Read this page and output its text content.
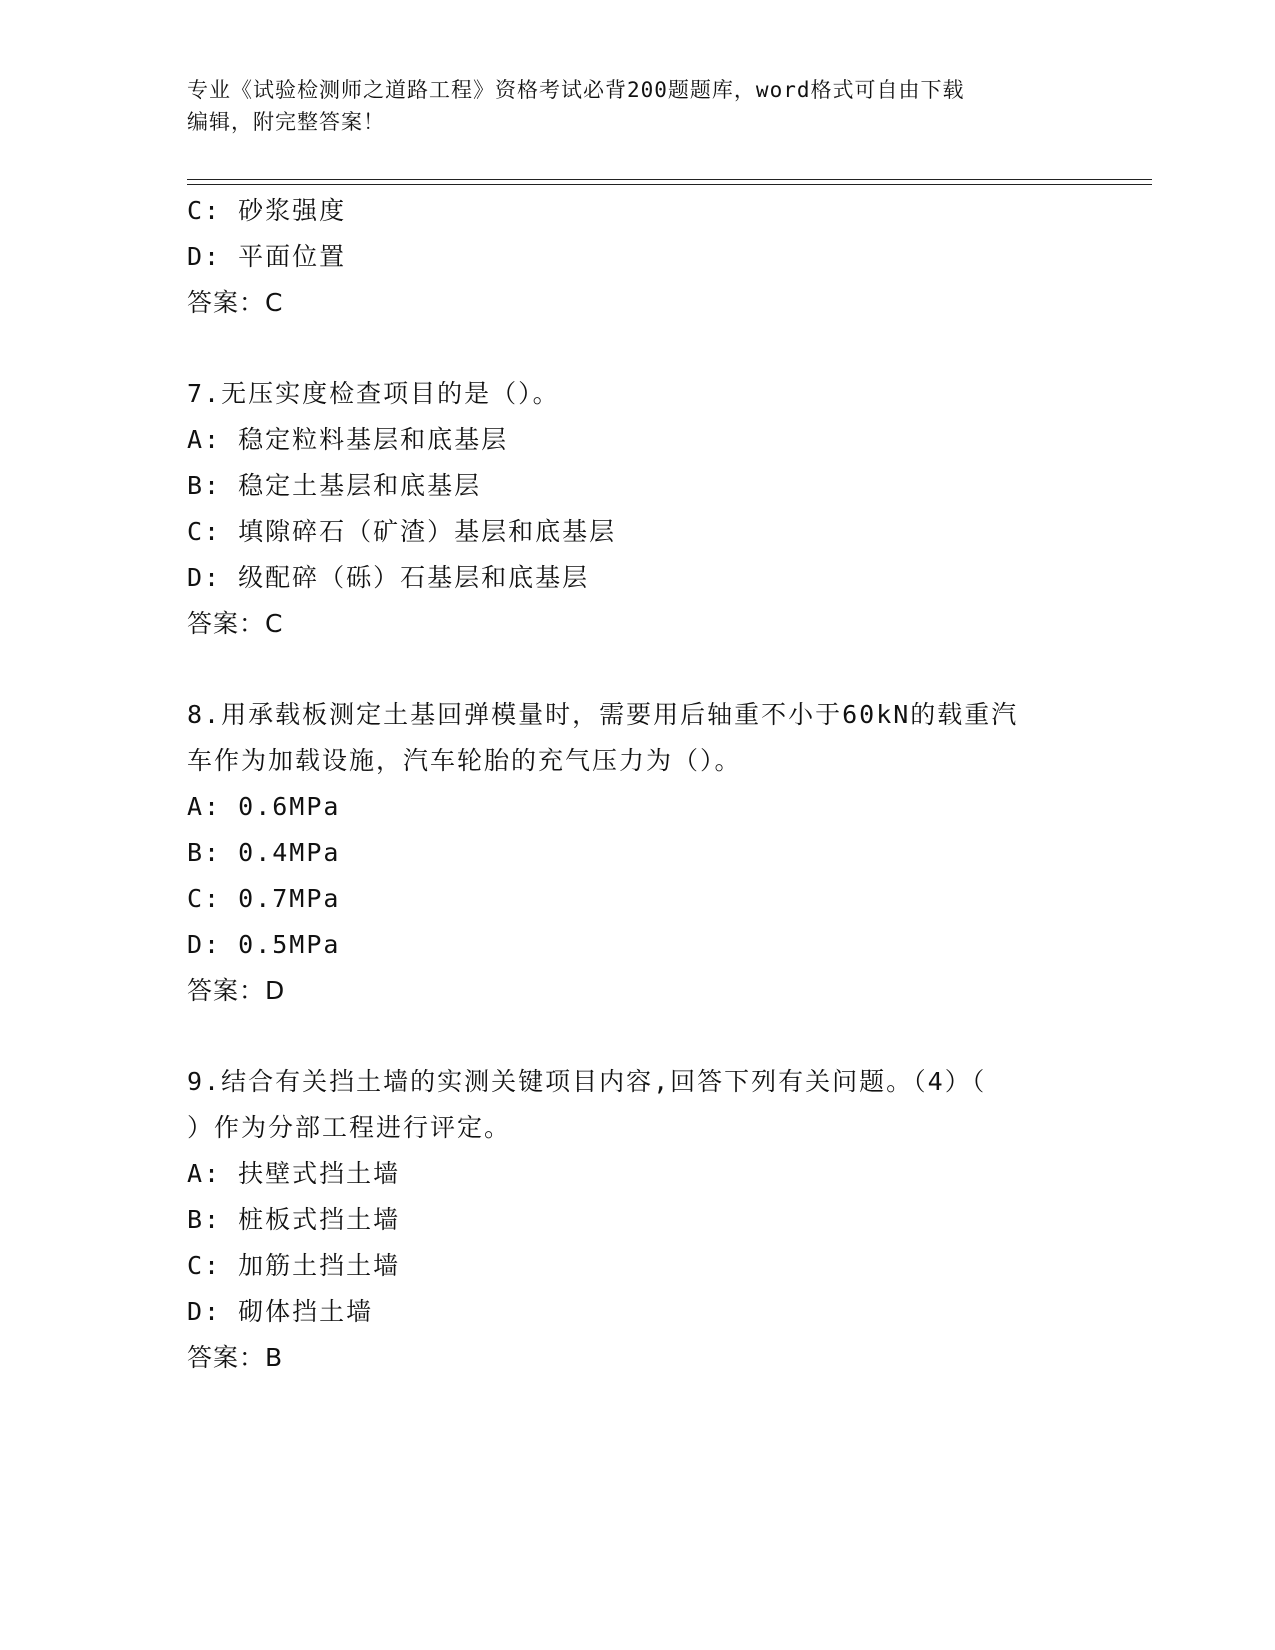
专业《试验检测师之道路工程》资格考试必背200题题库，word格式可自由下载
编辑，附完整答案！
C: 砂浆强度
D: 平面位置
答案：C
7.无压实度检查项目的是（）。
A: 稳定粒料基层和底基层
B: 稳定土基层和底基层
C: 填隙碎石（矿渣）基层和底基层
D: 级配碎（砾）石基层和底基层
答案：C
8.用承载板测定土基回弹模量时，需要用后轴重不小于60kN的载重汽
车作为加载设施，汽车轮胎的充气压力为（）。
A: 0.6MPa
B: 0.4MPa
C: 0.7MPa
D: 0.5MPa
答案：D
9.结合有关挡土墙的实测关键项目内容,回答下列有关问题。（4）（
）作为分部工程进行评定。
A: 扶壁式挡土墙
B: 桩板式挡土墙
C: 加筋土挡土墙
D: 砌体挡土墙
答案：B
